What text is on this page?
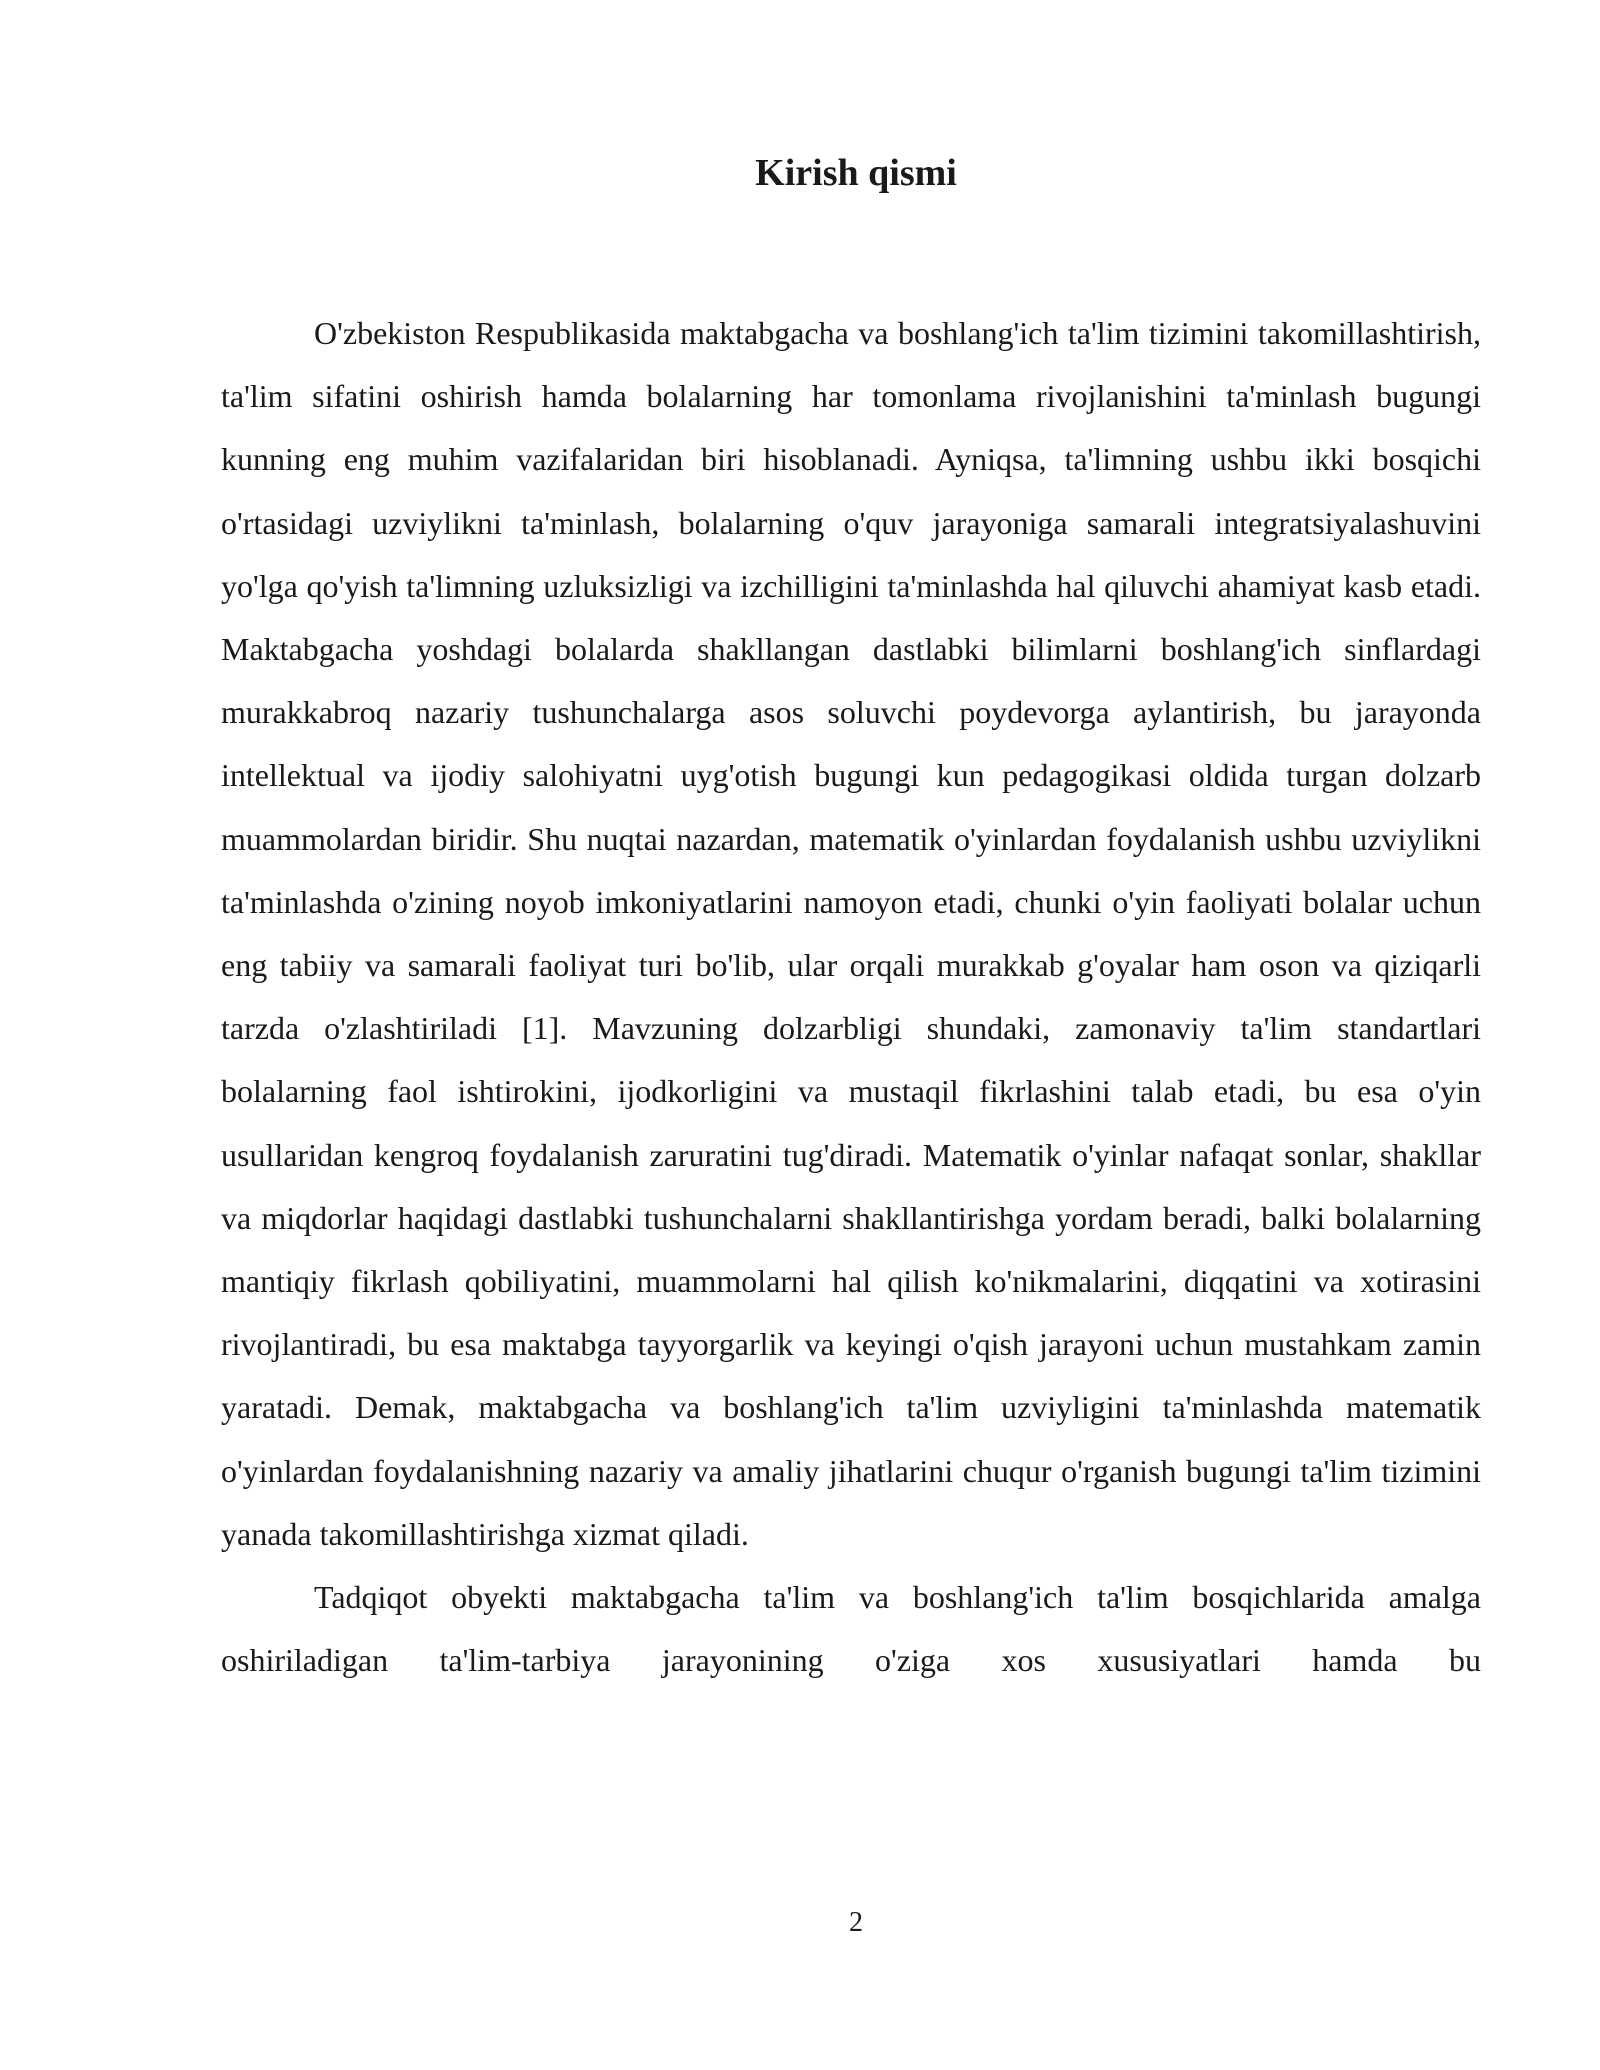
Kirish qismi

O'zbekiston Respublikasida maktabgacha va boshlang'ich ta'lim tizimini takomillashtirish, ta'lim sifatini oshirish hamda bolalarning har tomonlama rivojlanishini ta'minlash bugungi kunning eng muhim vazifalaridan biri hisoblanadi. Ayniqsa, ta'limning ushbu ikki bosqichi o'rtasidagi uzviylikni ta'minlash, bolalarning o'quv jarayoniga samarali integratsiyalashuvini yo'lga qo'yish ta'limning uzluksizligi va izchilligini ta'minlashda hal qiluvchi ahamiyat kasb etadi. Maktabgacha yoshdagi bolalarda shakllangan dastlabki bilimlarni boshlang'ich sinflardagi murakkabroq nazariy tushunchalarga asos soluvchi poydevorga aylantirish, bu jarayonda intellektual va ijodiy salohiyatni uyg'otish bugungi kun pedagogikasi oldida turgan dolzarb muammolardan biridir. Shu nuqtai nazardan, matematik o'yinlardan foydalanish ushbu uzviylikni ta'minlashda o'zining noyob imkoniyatlarini namoyon etadi, chunki o'yin faoliyati bolalar uchun eng tabiiy va samarali faoliyat turi bo'lib, ular orqali murakkab g'oyalar ham oson va qiziqarli tarzda o'zlashtiriladi [1]. Mavzuning dolzarbligi shundaki, zamonaviy ta'lim standartlari bolalarning faol ishtirokini, ijodkorligini va mustaqil fikrlashini talab etadi, bu esa o'yin usullaridan kengroq foydalanish zaruratini tug'diradi. Matematik o'yinlar nafaqat sonlar, shakllar va miqdorlar haqidagi dastlabki tushunchalarni shakllantirishga yordam beradi, balki bolalarning mantiqiy fikrlash qobiliyatini, muammolarni hal qilish ko'nikmalarini, diqqatini va xotirasini rivojlantiradi, bu esa maktabga tayyorgarlik va keyingi o'qish jarayoni uchun mustahkam zamin yaratadi. Demak, maktabgacha va boshlang'ich ta'lim uzviyligini ta'minlashda matematik o'yinlardan foydalanishning nazariy va amaliy jihatlarini chuqur o'rganish bugungi ta'lim tizimini yanada takomillashtirishga xizmat qiladi.

Tadqiqot obyekti maktabgacha ta'lim va boshlang'ich ta'lim bosqichlarida amalga oshiriladigan ta'lim-tarbiya jarayonining o'ziga xos xususiyatlari hamda bu

2
